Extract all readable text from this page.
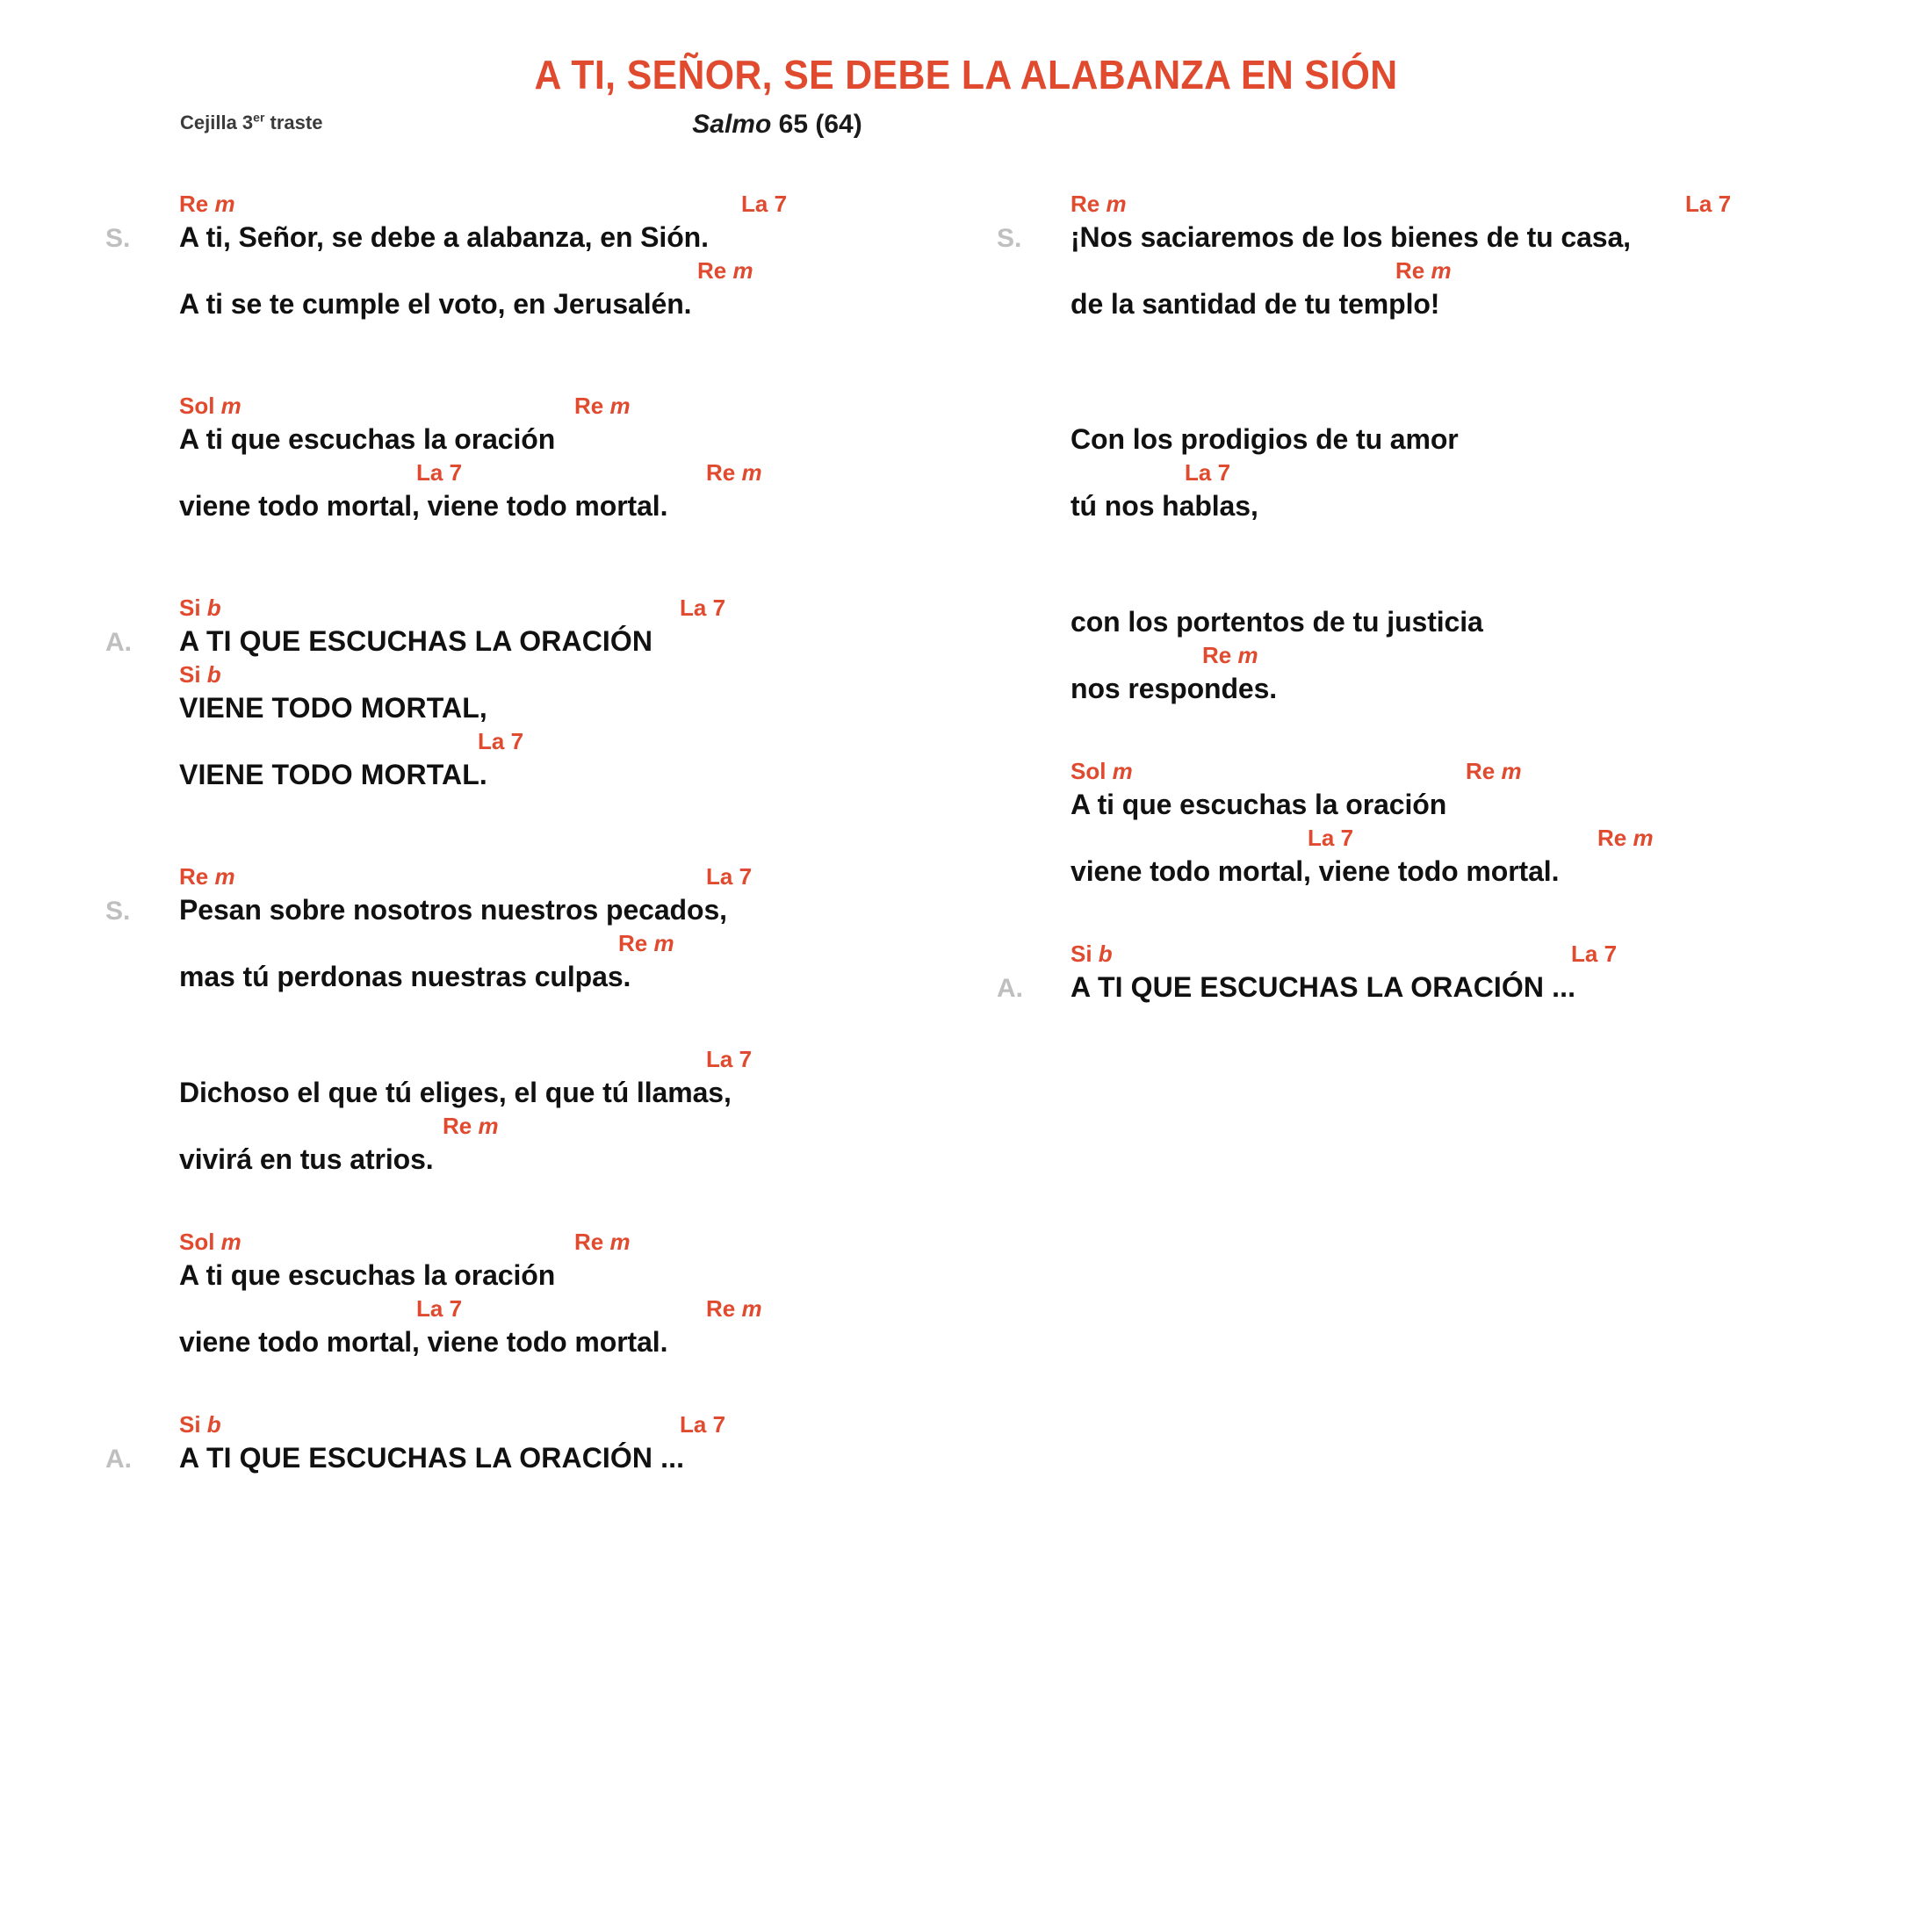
A TI, SEÑOR, SE DEBE LA ALABANZA EN SIÓN
Cejilla 3er traste	Salmo 65 (64)
S.
Re m	La 7
A ti, Señor, se debe a alabanza, en Sión.
Re m
A ti se te cumple el voto, en Jerusalén.
Sol m	Re m
A ti que escuchas la oración
La 7	Re m
viene todo mortal, viene todo mortal.
A.
Si b	La 7
A TI QUE ESCUCHAS LA ORACIÓN
Si b
VIENE TODO MORTAL,
La 7
VIENE TODO MORTAL.
S.
Re m	La 7
Pesan sobre nosotros nuestros pecados,
Re m
mas tú perdonas nuestras culpas.
La 7
Dichoso el que tú eliges, el que tú llamas,
Re m
vivirá en tus atrios.
Sol m	Re m
A ti que escuchas la oración
La 7	Re m
viene todo mortal, viene todo mortal.
A.
Si b	La 7
A TI QUE ESCUCHAS LA ORACIÓN ...
S.
Re m	La 7
¡Nos saciaremos de los bienes de tu casa,
Re m
de la santidad de tu templo!
Con los prodigios de tu amor
La 7
tú nos hablas,
con los portentos de tu justicia
Re m
nos respondes.
Sol m	Re m
A ti que escuchas la oración
La 7	Re m
viene todo mortal, viene todo mortal.
A.
Si b	La 7
A TI QUE ESCUCHAS LA ORACIÓN ...
